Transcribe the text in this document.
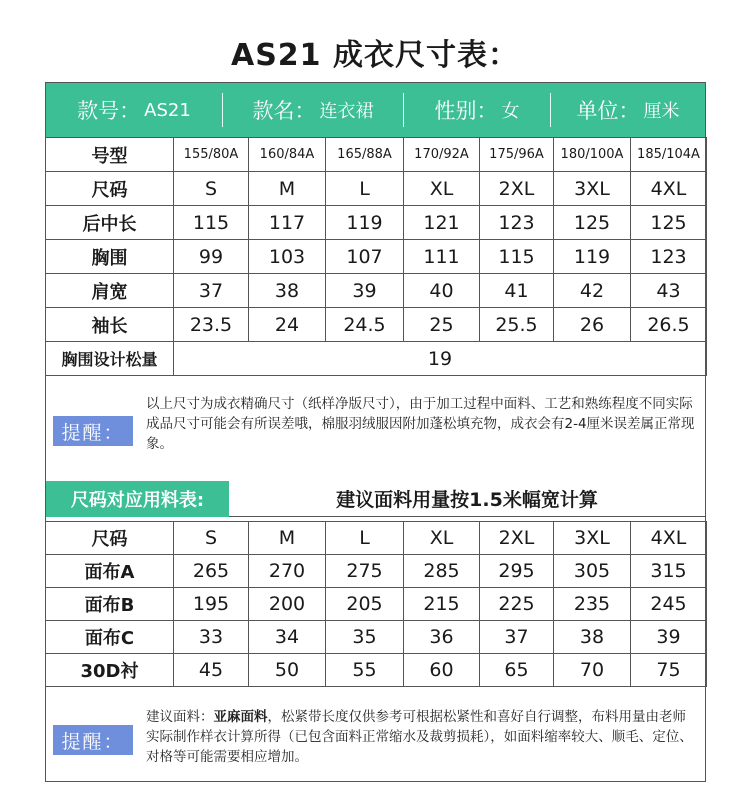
AS21 成衣尺寸表：
款号： AS21	款名： 连衣裙	性别： 女	单位： 厘米
号型	155/80A	160/84A	165/88A	170/92A	175/96A	180/100A	185/104A
尺码	S	M	L	XL	2XL	3XL	4XL
后中长	115	117	119	121	123	125	125
胸围	99	103	107	111	115	119	123
肩宽	37	38	39	40	41	42	43
袖长	23.5	24	24.5	25	25.5	26	26.5
胸围设计松量	19						
提醒：
以上尺寸为成衣精确尺寸（纸样净版尺寸），由于加工过程中面料、工艺和熟练程度不同实际成品尺寸可能会有所误差哦，棉服羽绒服因附加蓬松填充物，成衣会有2-4厘米误差属正常现象。
尺码对应用料表:	建议面料用量按1.5米幅宽计算
尺码	S	M	L	XL	2XL	3XL	4XL
面布A	265	270	275	285	295	305	315
面布B	195	200	205	215	225	235	245
面布C	33	34	35	36	37	38	39
30D衬	45	50	55	60	65	70	75
提醒：
建议面料：亚麻面料，松紧带长度仅供参考可根据松紧性和喜好自行调整，布料用量由老师实际制作样衣计算所得（已包含面料正常缩水及裁剪损耗），如面料缩率较大、顺毛、定位、对格等可能需要相应增加。
